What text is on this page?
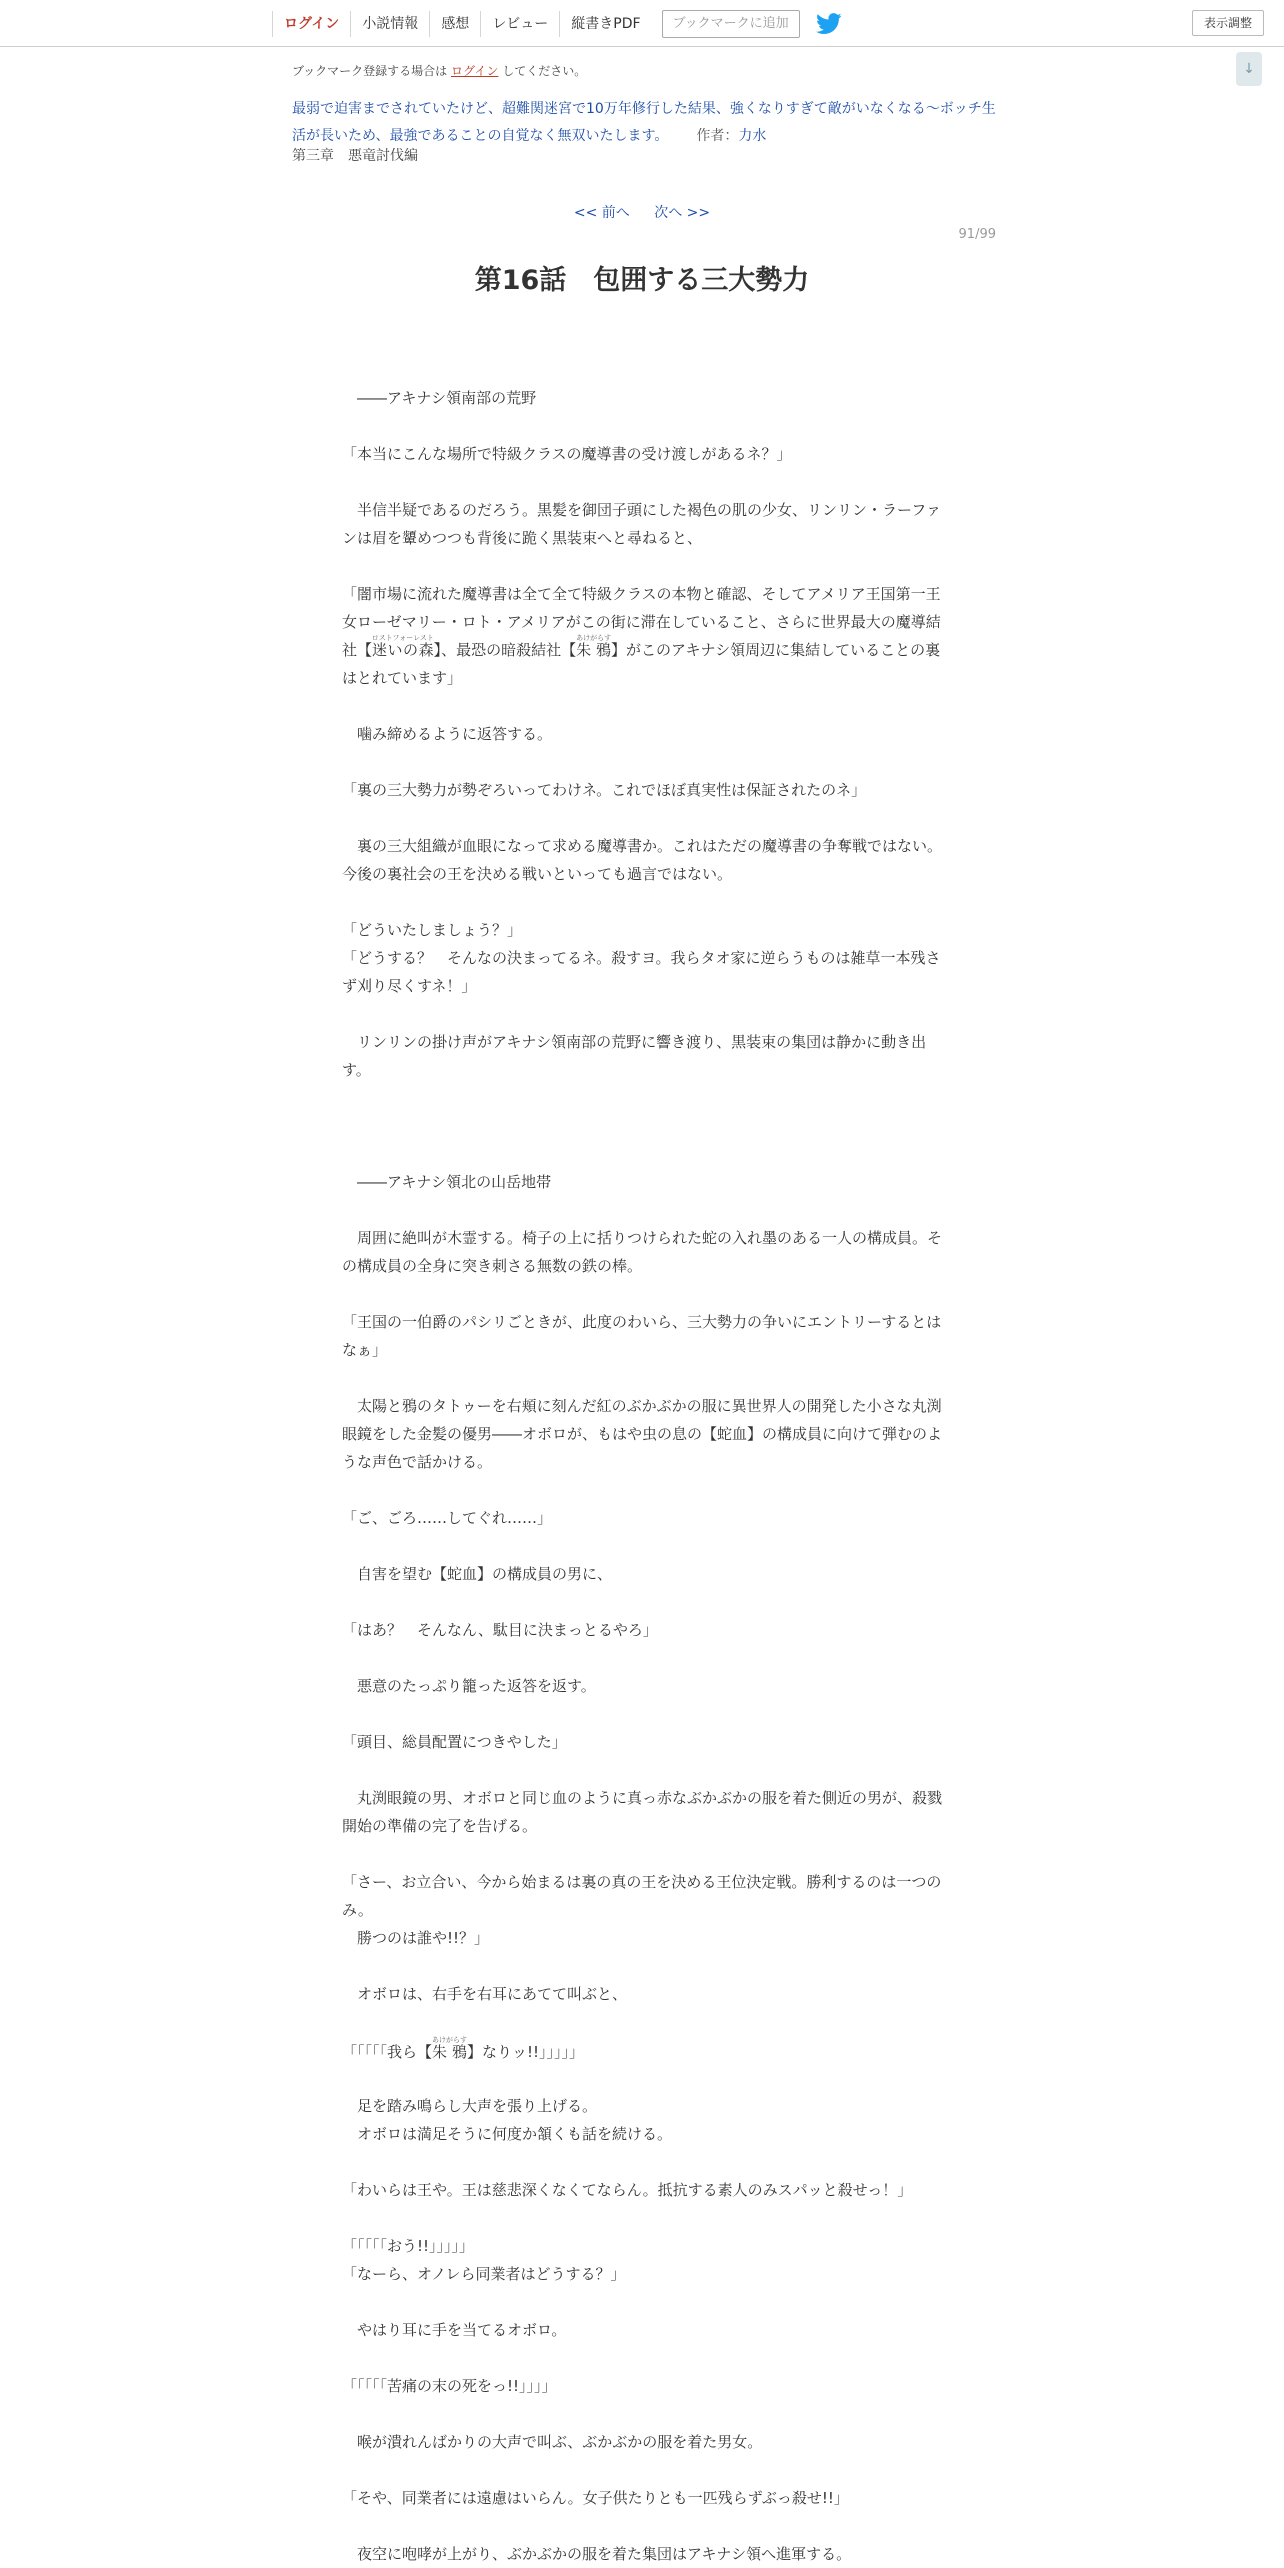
ログイン	小説情報	感想	レビュー	縦書きPDF	ブックマークに追加	表示調整
↓
ブックマーク登録する場合は ログイン してください。
最弱で迫害までされていたけど、超難関迷宮で10万年修行した結果、強くなりすぎて敵がいなくなる～ボッチ生活が長いため、最強であることの自覚なく無双いたします。 作者：力水
第三章　悪竜討伐編
<< 前へ 次へ >>
91/99
第16話　包囲する三大勢力

　――アキナシ領南部の荒野

「本当にこんな場所で特級クラスの魔導書の受け渡しがあるネ？」

　半信半疑であるのだろう。黒髪を御団子頭にした褐色の肌の少女、リンリン・ラーファンは眉を顰めつつも背後に跪く黒装束へと尋ねると、

「闇市場に流れた魔導書は全て全て特級クラスの本物と確認、そしてアメリア王国第一王女ローゼマリー・ロト・アメリアがこの街に滞在していること、さらに世界最大の魔導結社【迷いの森ロストフォーレスト】、最恐の暗殺結社【朱 鴉あけがらす】がこのアキナシ領周辺に集結していることの裏はとれています」

　噛み締めるように返答する。

「裏の三大勢力が勢ぞろいってわけネ。これでほぼ真実性は保証されたのネ」

　裏の三大組織が血眼になって求める魔導書か。これはただの魔導書の争奪戦ではない。今後の裏社会の王を決める戦いといっても過言ではない。

「どういたしましょう？」

「どうする？　そんなの決まってるネ。殺すヨ。我らタオ家に逆らうものは雑草一本残さず刈り尽くすネ！」

　リンリンの掛け声がアキナシ領南部の荒野に響き渡り、黒装束の集団は静かに動き出す。

　――アキナシ領北の山岳地帯

　周囲に絶叫が木霊する。椅子の上に括りつけられた蛇の入れ墨のある一人の構成員。その構成員の全身に突き刺さる無数の鉄の棒。

「王国の一伯爵のパシリごときが、此度のわいら、三大勢力の争いにエントリーするとはなぁ」

　太陽と鴉のタトゥーを右頬に刻んだ紅のぶかぶかの服に異世界人の開発した小さな丸渕眼鏡をした金髪の優男――オボロが、もはや虫の息の【蛇血】の構成員に向けて弾むのような声色で話かける。

「ご、ごろ……してぐれ……」

　自害を望む【蛇血】の構成員の男に、

「はあ？　そんなん、駄目に決まっとるやろ」

　悪意のたっぷり籠った返答を返す。

「頭目、総員配置につきやした」

　丸渕眼鏡の男、オボロと同じ血のように真っ赤なぶかぶかの服を着た側近の男が、殺戮開始の準備の完了を告げる。

「さー、お立合い、今から始まるは裏の真の王を決める王位決定戦。勝利するのは一つのみ。

　勝つのは誰や!!？」

　オボロは、右手を右耳にあてて叫ぶと、

「「「「「我ら【朱 鴉あけがらす】なりッ!!」」」」」

　足を踏み鳴らし大声を張り上げる。

　オボロは満足そうに何度か頷くも話を続ける。

「わいらは王や。王は慈悲深くなくてならん。抵抗する素人のみスパッと殺せっ！」

「「「「「おう!!」」」」」

「なーら、オノレら同業者はどうする？」

　やはり耳に手を当てるオボロ。

「「「「「苦痛の末の死をっ!!」」」」

　喉が潰れんばかりの大声で叫ぶ、ぶかぶかの服を着た男女。

「そや、同業者には遠慮はいらん。女子供たりとも一匹残らずぶっ殺せ!!」

　夜空に咆哮が上がり、ぶかぶかの服を着た集団はアキナシ領へ進軍する。
